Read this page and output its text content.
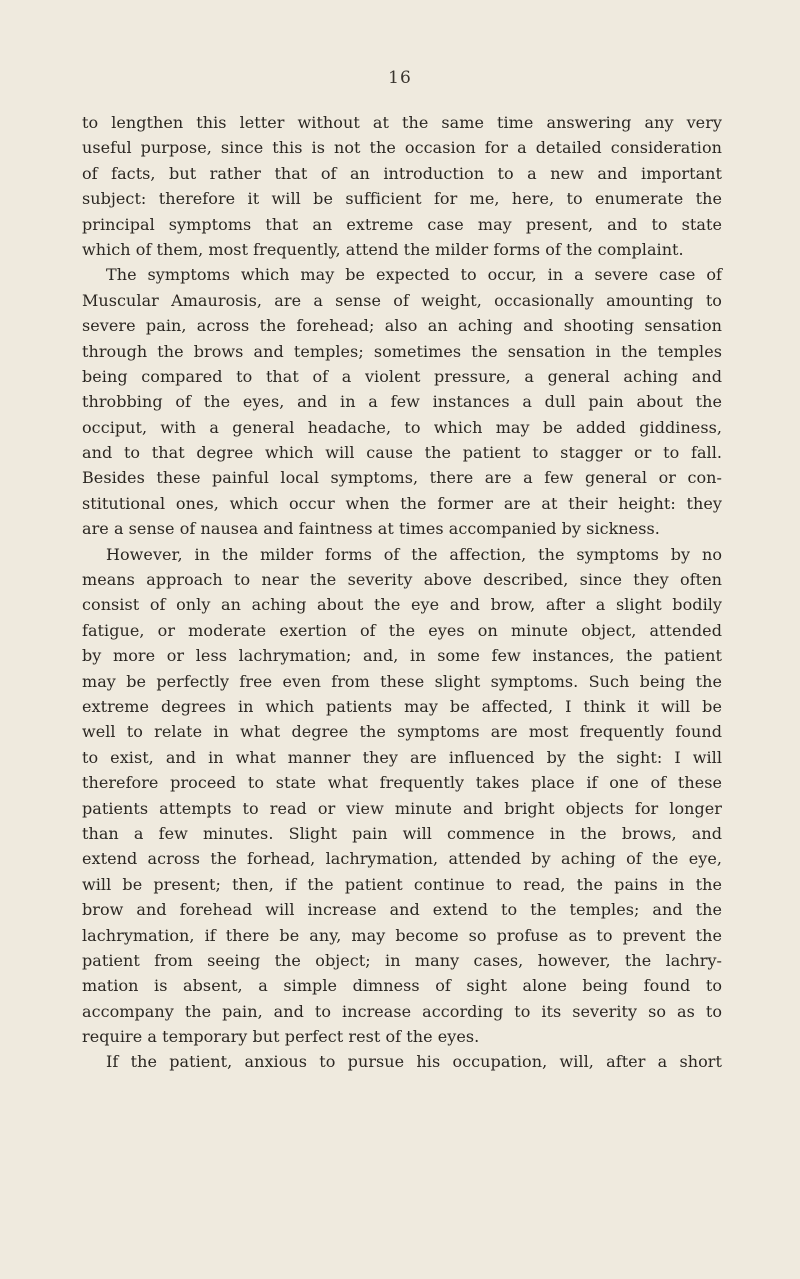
16
to lengthen this letter without at the same time answering any very
useful purpose, since this is not the occasion for a detailed consideration
of facts, but rather that of an introduction to a new and important
subject: therefore it will be sufficient for me, here, to enumerate the
principal symptoms that an extreme case may present, and to state
which of them, most frequently, attend the milder forms of the complaint.
The symptoms which may be expected to occur, in a severe case of
Muscular Amaurosis, are a sense of weight, occasionally amounting to
severe pain, across the forehead; also an aching and shooting sensation
through the brows and temples; sometimes the sensation in the temples
being compared to that of a violent pressure, a general aching and
throbbing of the eyes, and in a few instances a dull pain about the
occiput, with a general headache, to which may be added giddiness,
and to that degree which will cause the patient to stagger or to fall.
Besides these painful local symptoms, there are a few general or con-
stitutional ones, which occur when the former are at their height: they
are a sense of nausea and faintness at times accompanied by sickness.
However, in the milder forms of the affection, the symptoms by no
means approach to near the severity above described, since they often
consist of only an aching about the eye and brow, after a slight bodily
fatigue, or moderate exertion of the eyes on minute object, attended
by more or less lachrymation; and, in some few instances, the patient
may be perfectly free even from these slight symptoms. Such being the
extreme degrees in which patients may be affected, I think it will be
well to relate in what degree the symptoms are most frequently found
to exist, and in what manner they are influenced by the sight: I will
therefore proceed to state what frequently takes place if one of these
patients attempts to read or view minute and bright objects for longer
than a few minutes. Slight pain will commence in the brows, and
extend across the forhead, lachrymation, attended by aching of the eye,
will be present; then, if the patient continue to read, the pains in the
brow and forehead will increase and extend to the temples; and the
lachrymation, if there be any, may become so profuse as to prevent the
patient from seeing the object; in many cases, however, the lachry-
mation is absent, a simple dimness of sight alone being found to
accompany the pain, and to increase according to its severity so as to
require a temporary but perfect rest of the eyes.
If the patient, anxious to pursue his occupation, will, after a short
